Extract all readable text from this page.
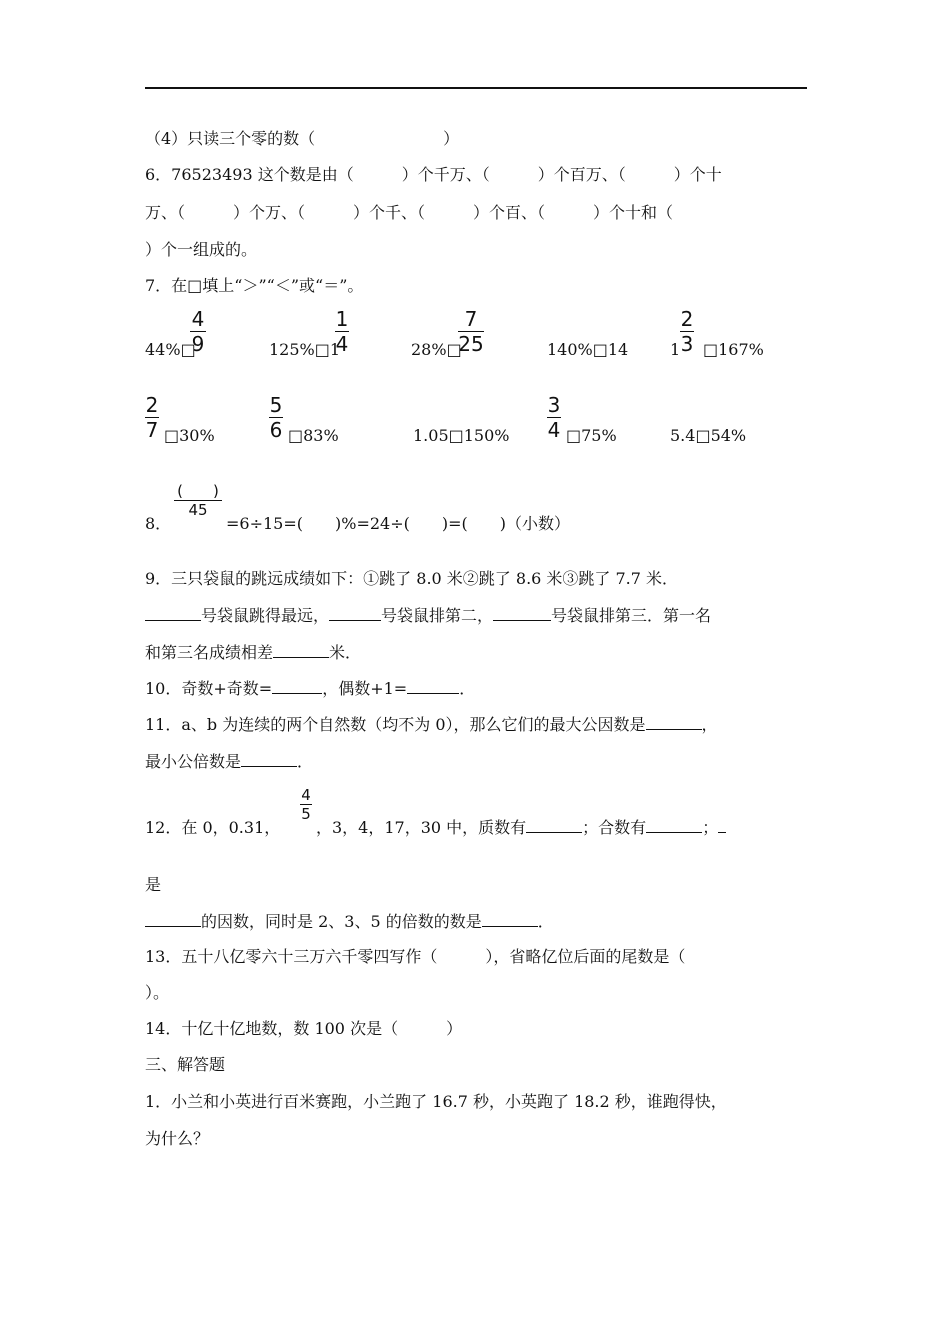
（4）只读三个零的数（　　　　　　　　）
6．76523493 这个数是由（　　　）个千万、（　　　）个百万、（　　　）个十
万、（　　　）个万、（　　　）个千、（　　　）个百、（　　　）个十和（
）个一组成的。
7．在□填上“＞”“＜”或“＝”。
44%□
4
9	125%□1
1
4	28%□
7
25	140%□14	1
2
3 □167%
2
7 □30%
5
6 □83%	1.05□150%
3
4 □75%	5.4□54%
8．
(　　)
45
=6÷15=(　　)%=24÷(　　)=(　　)（小数）
9．三只袋鼠的跳远成绩如下：①跳了 8.0 米②跳了 8.6 米③跳了 7.7 米．
号袋鼠跳得最远，	号袋鼠排第二，	号袋鼠排第三．第一名
和第三名成绩相差	米．
10．奇数+奇数=	，偶数+1=	．
11．a、b 为连续的两个自然数（均不为 0），那么它们的最大公因数是	，
最小公倍数是	．
12．在 0，0.31，
4
5
，3，4，17，30 中，质数有	；合数有	；
是
的因数，同时是 2、3、5 的倍数的数是	．
13．五十八亿零六十三万六千零四写作（　　　），省略亿位后面的尾数是（
）。
14．十亿十亿地数，数 100 次是（　　　）
三、解答题
1．小兰和小英进行百米赛跑，小兰跑了 16.7 秒，小英跑了 18.2 秒，谁跑得快，
为什么？
